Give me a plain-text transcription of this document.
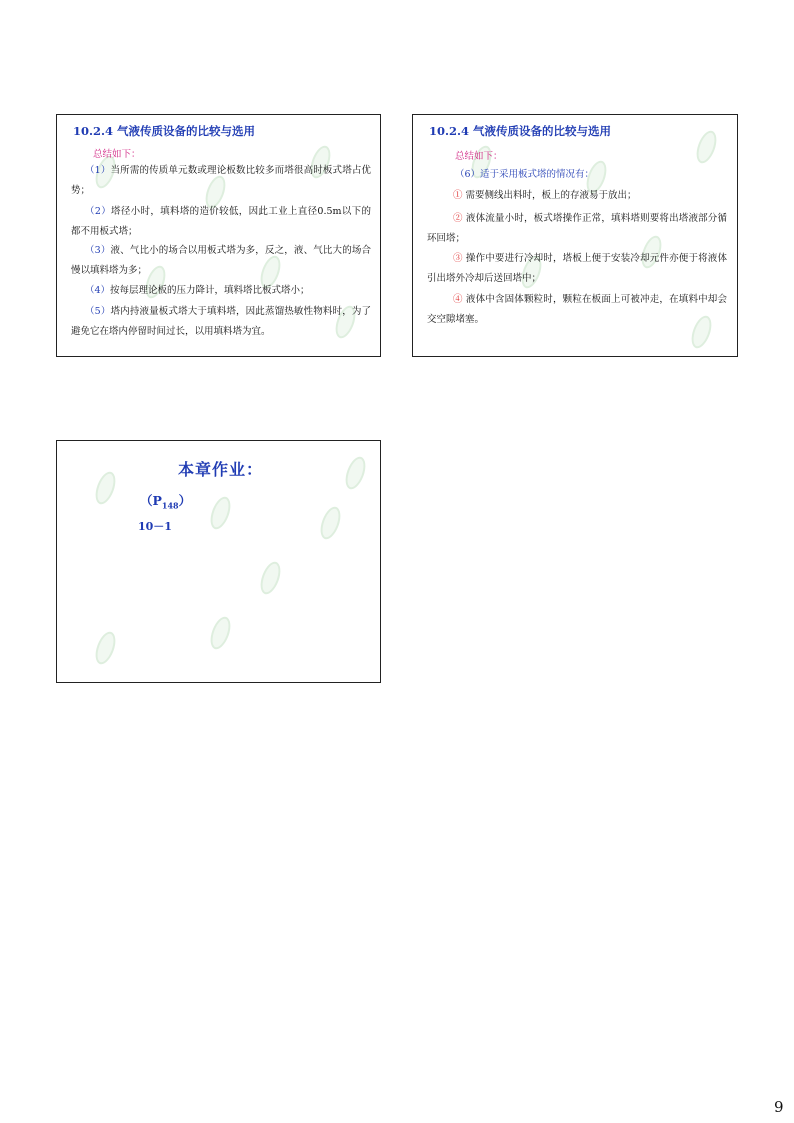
10.2.4 气液传质设备的比较与选用
总结如下：
（1）当所需的传质单元数或理论板数比较多而塔很高时板式塔占优势；
（2）塔径小时，填料塔的造价较低，因此工业上直径0.5m以下的都不用板式塔；
（3）液、气比小的场合以用板式塔为多，反之，液、气比大的场合慢以填料塔为多；
（4）按每层理论板的压力降计，填料塔比板式塔小；
（5）塔内持液量板式塔大于填料塔，因此蒸馏热敏性物料时，为了避免它在塔内停留时间过长，以用填料塔为宜。
10.2.4 气液传质设备的比较与选用
总结如下：
（6）适于采用板式塔的情况有：
① 需要侧线出料时，板上的存液易于放出；
② 液体流量小时，板式塔操作正常，填料塔则要将出塔液部分循环回塔；
③ 操作中要进行冷却时，塔板上便于安装冷却元件亦便于将液体引出塔外冷却后送回塔中；
④ 液体中含固体颗粒时，颗粒在板面上可被冲走，在填料中却会交空隙堵塞。
本章作业：
$(P_{148})$
10－1
9
